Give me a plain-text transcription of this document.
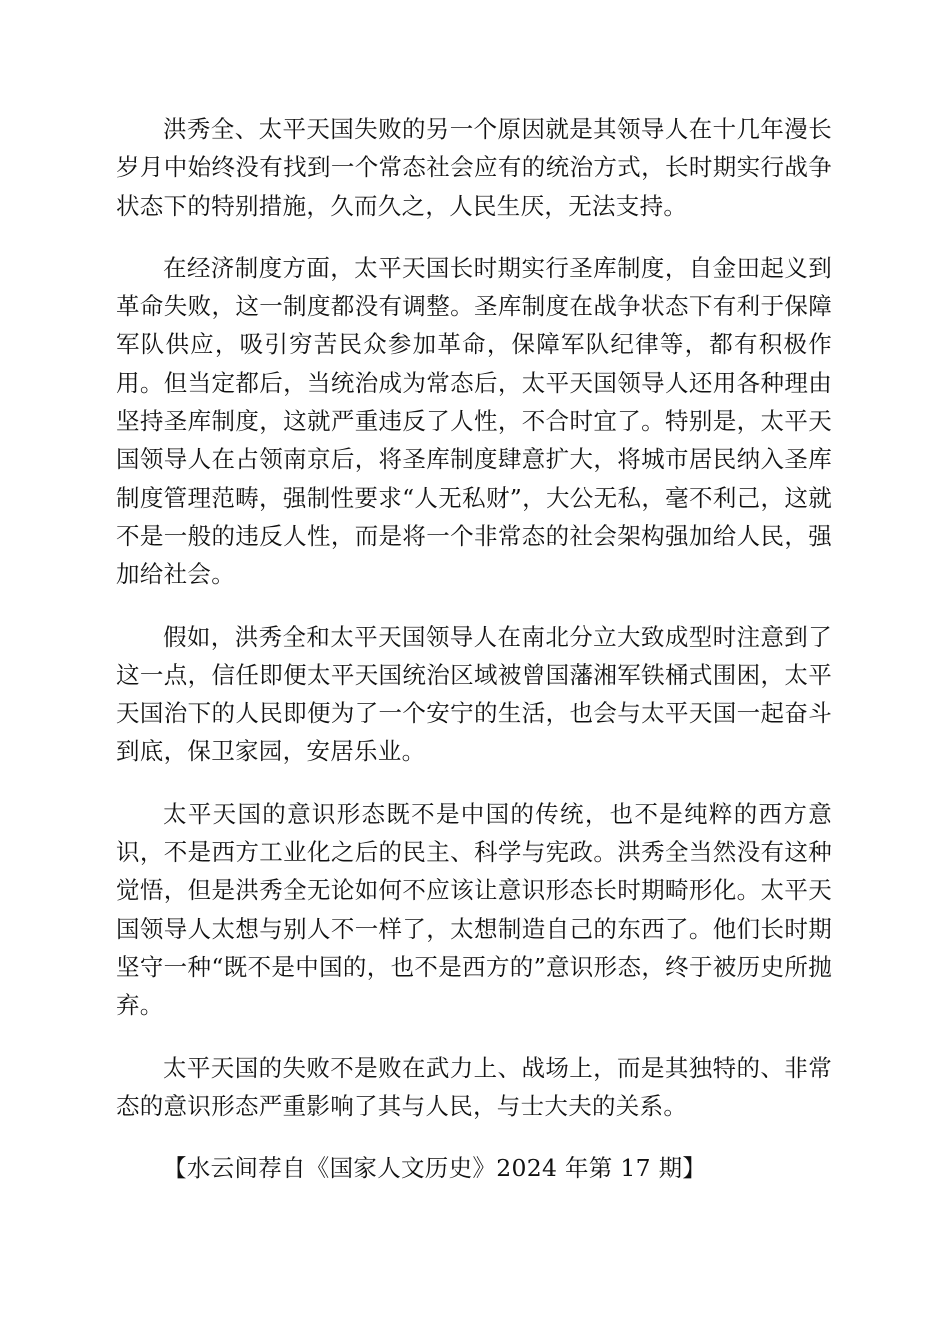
洪秀全、太平天国失败的另一个原因就是其领导人在十几年漫长岁月中始终没有找到一个常态社会应有的统治方式，长时期实行战争状态下的特别措施，久而久之，人民生厌，无法支持。

在经济制度方面，太平天国长时期实行圣库制度，自金田起义到革命失败，这一制度都没有调整。圣库制度在战争状态下有利于保障军队供应，吸引穷苦民众参加革命，保障军队纪律等，都有积极作用。但当定都后，当统治成为常态后，太平天国领导人还用各种理由坚持圣库制度，这就严重违反了人性，不合时宜了。特别是，太平天国领导人在占领南京后，将圣库制度肆意扩大，将城市居民纳入圣库制度管理范畴，强制性要求“人无私财”，大公无私，毫不利己，这就不是一般的违反人性，而是将一个非常态的社会架构强加给人民，强加给社会。

假如，洪秀全和太平天国领导人在南北分立大致成型时注意到了这一点，信任即便太平天国统治区域被曾国藩湘军铁桶式围困，太平天国治下的人民即便为了一个安宁的生活，也会与太平天国一起奋斗到底，保卫家园，安居乐业。

太平天国的意识形态既不是中国的传统，也不是纯粹的西方意识，不是西方工业化之后的民主、科学与宪政。洪秀全当然没有这种觉悟，但是洪秀全无论如何不应该让意识形态长时期畸形化。太平天国领导人太想与别人不一样了，太想制造自己的东西了。他们长时期坚守一种“既不是中国的，也不是西方的”意识形态，终于被历史所抛弃。

太平天国的失败不是败在武力上、战场上，而是其独特的、非常态的意识形态严重影响了其与人民，与士大夫的关系。

【水云间荐自《国家人文历史》2024 年第 17 期】
